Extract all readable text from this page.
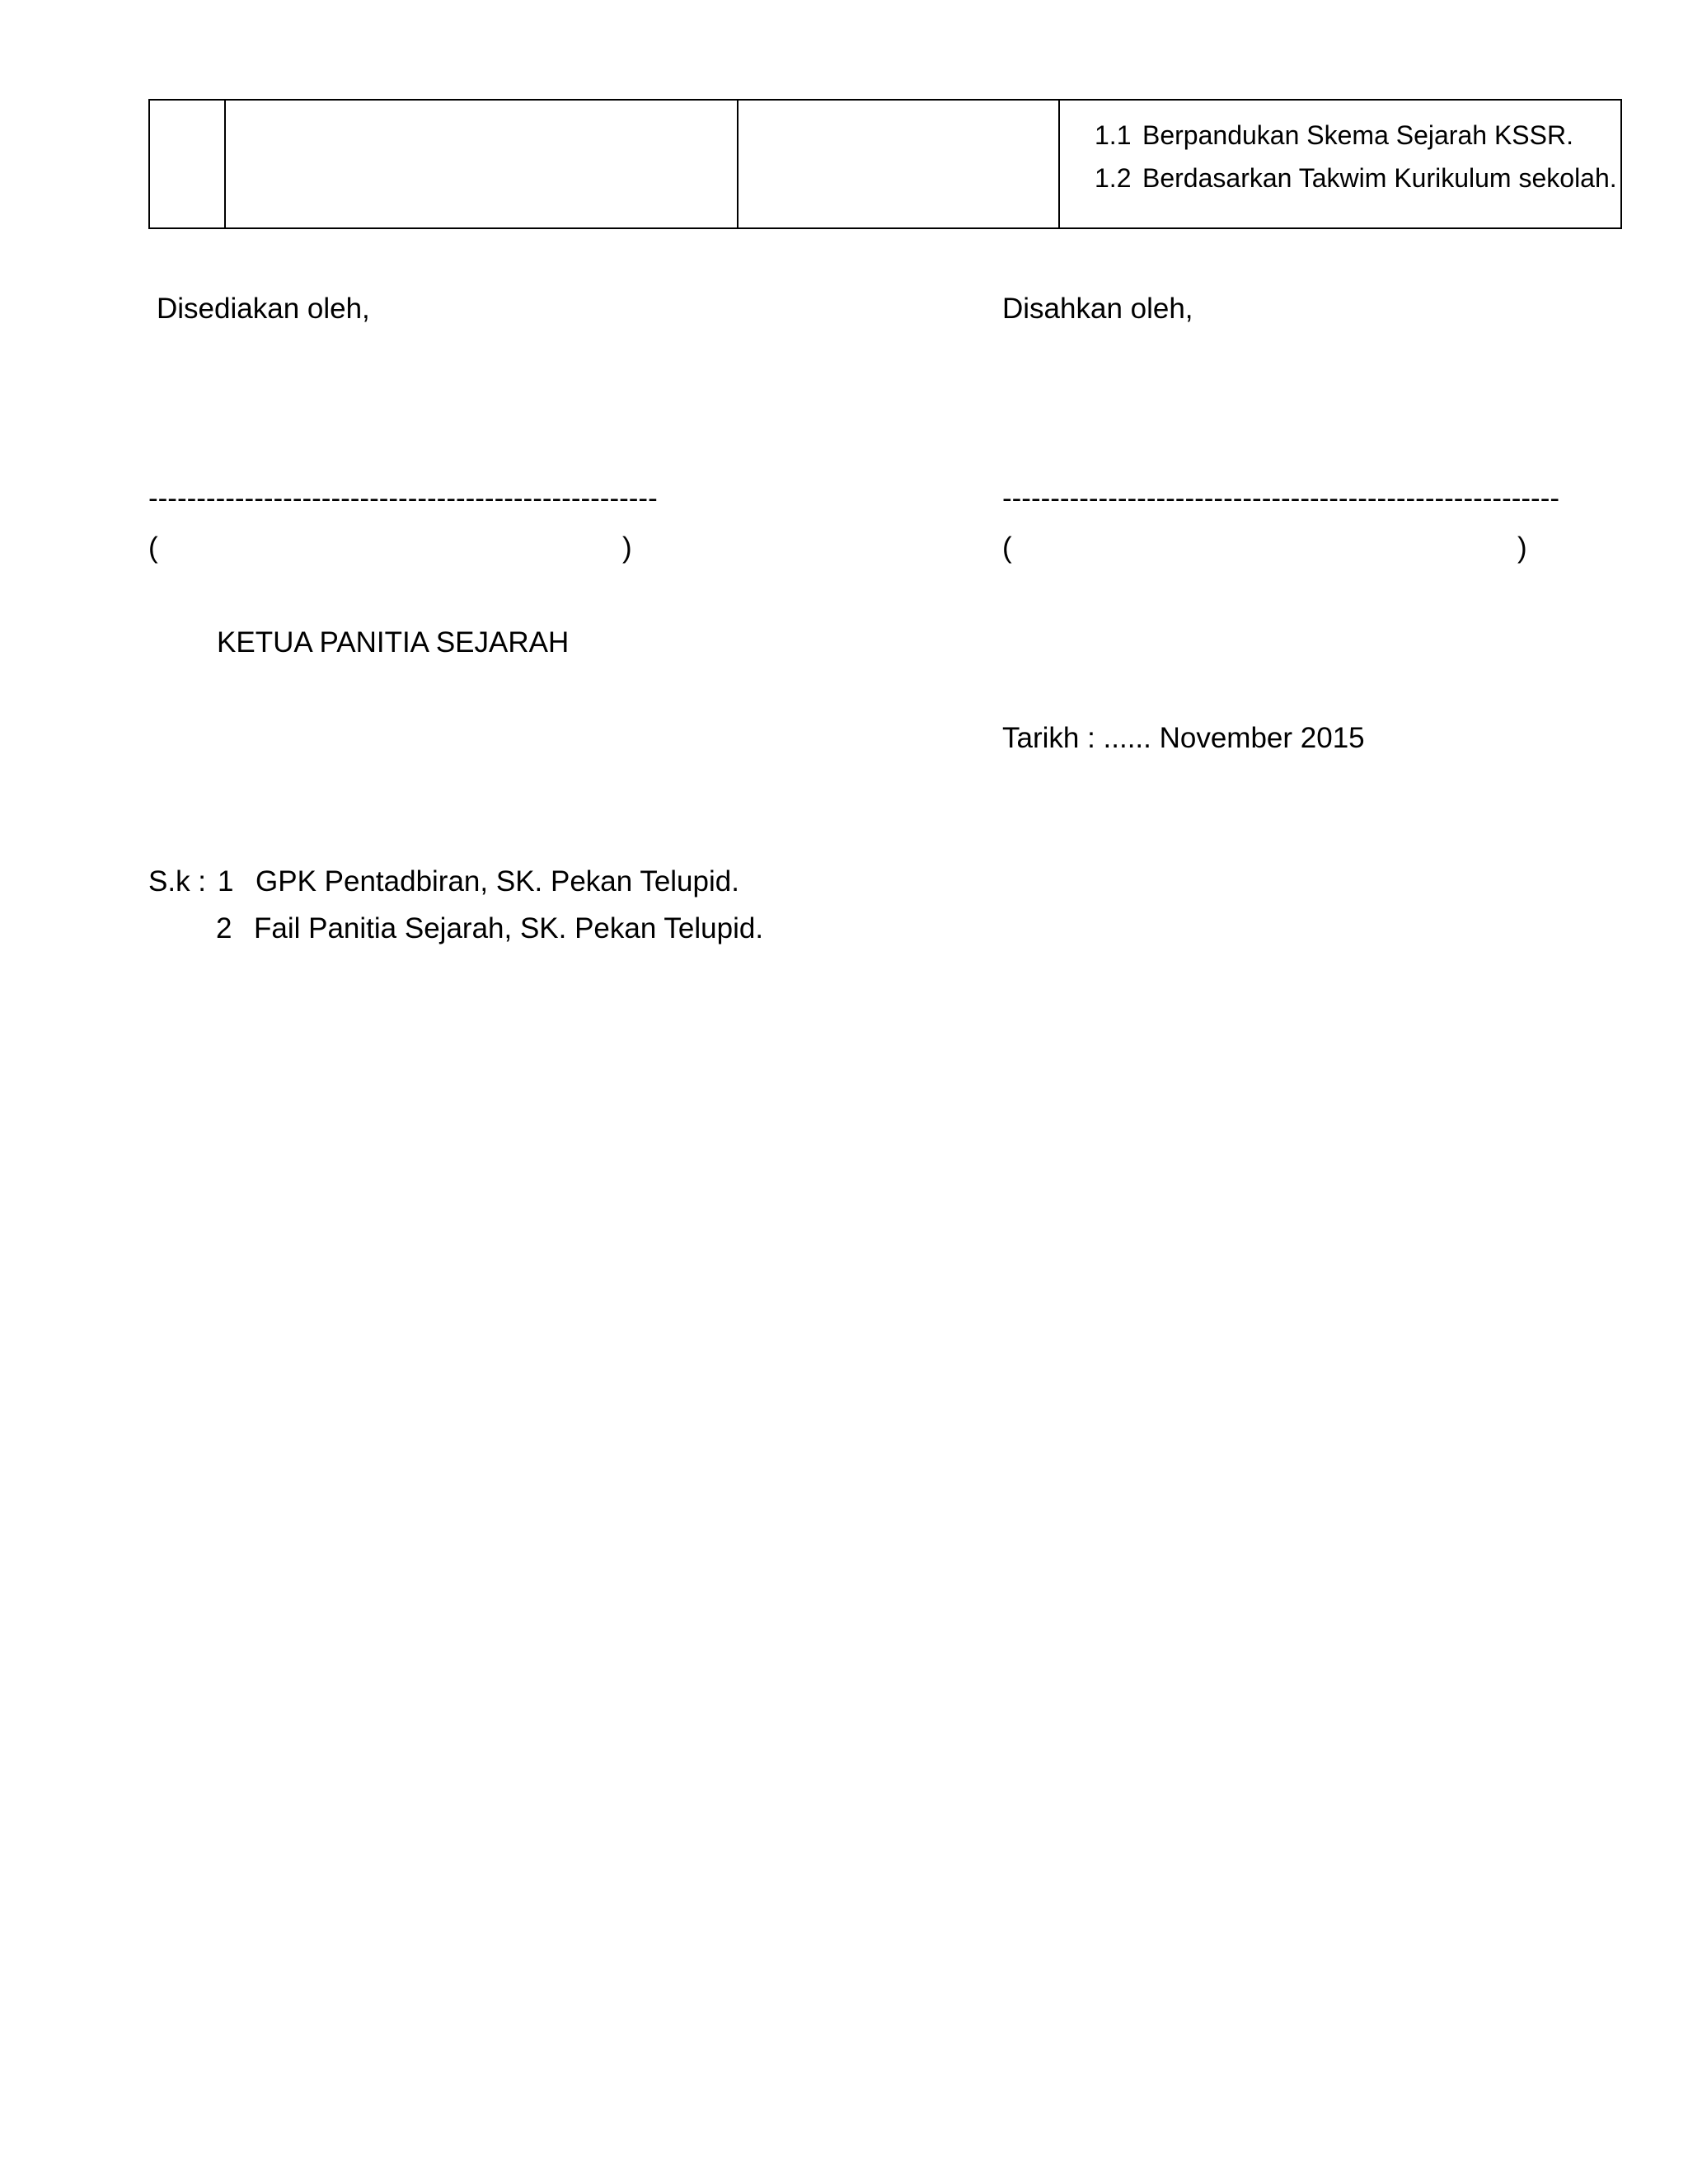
1.1 Berpandukan Skema Sejarah KSSR.
1.2 Berdasarkan Takwim Kurikulum sekolah.
Disediakan oleh,
-----------------------------------------------------
(	)
KETUA PANITIA SEJARAH
Disahkan oleh,
----------------------------------------------------------
(	)
Tarikh : ...... November 2015
S.k : 1 GPK Pentadbiran, SK. Pekan Telupid.
2 Fail Panitia Sejarah, SK. Pekan Telupid.
